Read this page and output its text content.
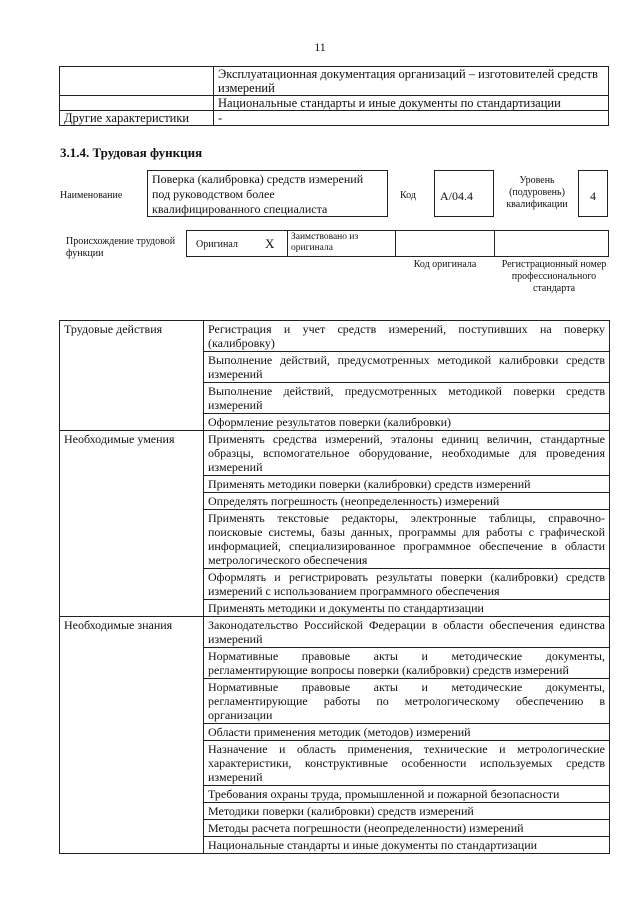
11
	Эксплуатационная документация организаций – изготовителей средств измерений
	Национальные стандарты и иные документы по стандартизации
Другие характеристики	-
3.1.4. Трудовая функция
Наименование
Поверка (калибровка) средств измерений под руководством более квалифицированного специалиста
Код	A/04.4
Уровень (подуровень) квалификации
4
Происхождение трудовой функции
Оригинал X Заимствовано из оригинала
Код оригинала	Регистрационный номер профессионального стандарта
Трудовые действия	Регистрация и учет средств измерений, поступивших на поверку (калибровку)
	Выполнение действий, предусмотренных методикой калибровки средств измерений
	Выполнение действий, предусмотренных методикой поверки средств измерений
	Оформление результатов поверки (калибровки)
Необходимые умения	Применять средства измерений, эталоны единиц величин, стандартные образцы, вспомогательное оборудование, необходимые для проведения измерений
	Применять методики поверки (калибровки) средств измерений
	Определять погрешность (неопределенность) измерений
	Применять текстовые редакторы, электронные таблицы, справочно-поисковые системы, базы данных, программы для работы с графической информацией, специализированное программное обеспечение в области метрологического обеспечения
	Оформлять и регистрировать результаты поверки (калибровки) средств измерений с использованием программного обеспечения
	Применять методики и документы по стандартизации
Необходимые знания	Законодательство Российской Федерации в области обеспечения единства измерений
	Нормативные правовые акты и методические документы, регламентирующие вопросы поверки (калибровки) средств измерений
	Нормативные правовые акты и методические документы, регламентирующие работы по метрологическому обеспечению в организации
	Области применения методик (методов) измерений
	Назначение и область применения, технические и метрологические характеристики, конструктивные особенности используемых средств измерений
	Требования охраны труда, промышленной и пожарной безопасности
	Методики поверки (калибровки) средств измерений
	Методы расчета погрешности (неопределенности) измерений
	Национальные стандарты и иные документы по стандартизации
